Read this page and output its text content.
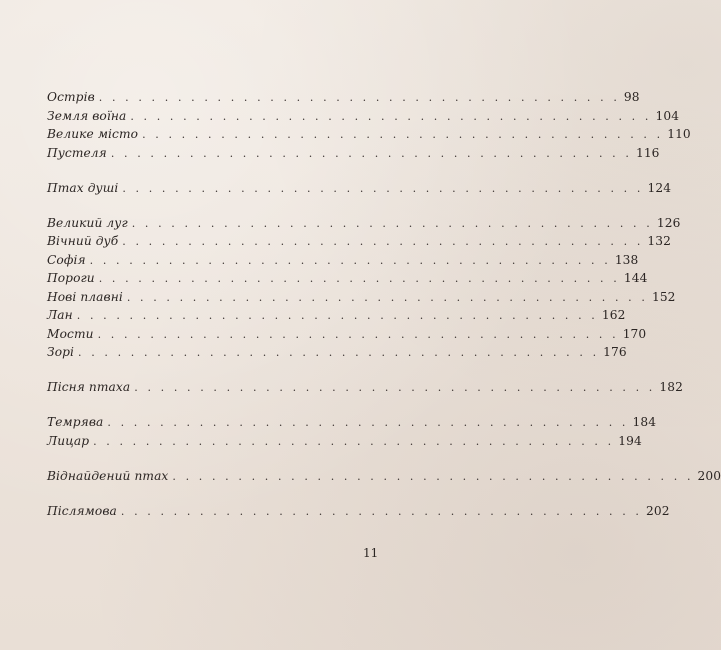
Острів . . . . . . . . . . . . . . . . . . . . . . . . . . . . . . . . . . . . . . . . 98
Земля воїна . . . . . . . . . . . . . . . . . . . . . . . . . . . . . . . . . . . . . . . . 104
Велике місто . . . . . . . . . . . . . . . . . . . . . . . . . . . . . . . . . . . . . . . . 110
Пустеля . . . . . . . . . . . . . . . . . . . . . . . . . . . . . . . . . . . . . . . . 116
Птах душі . . . . . . . . . . . . . . . . . . . . . . . . . . . . . . . . . . . . . . . . 124
Великий луг . . . . . . . . . . . . . . . . . . . . . . . . . . . . . . . . . . . . . . . . 126
Вічний дуб . . . . . . . . . . . . . . . . . . . . . . . . . . . . . . . . . . . . . . . . 132
Софія . . . . . . . . . . . . . . . . . . . . . . . . . . . . . . . . . . . . . . . . 138
Пороги . . . . . . . . . . . . . . . . . . . . . . . . . . . . . . . . . . . . . . . . 144
Нові плавні . . . . . . . . . . . . . . . . . . . . . . . . . . . . . . . . . . . . . . . . 152
Лан . . . . . . . . . . . . . . . . . . . . . . . . . . . . . . . . . . . . . . . . 162
Мости . . . . . . . . . . . . . . . . . . . . . . . . . . . . . . . . . . . . . . . . 170
Зорі . . . . . . . . . . . . . . . . . . . . . . . . . . . . . . . . . . . . . . . . 176
Пісня птаха . . . . . . . . . . . . . . . . . . . . . . . . . . . . . . . . . . . . . . . . 182
Темрява . . . . . . . . . . . . . . . . . . . . . . . . . . . . . . . . . . . . . . . . 184
Лицар . . . . . . . . . . . . . . . . . . . . . . . . . . . . . . . . . . . . . . . . 194
Віднайдений птах . . . . . . . . . . . . . . . . . . . . . . . . . . . . . . . . . . . . . . . . 200
Післямова . . . . . . . . . . . . . . . . . . . . . . . . . . . . . . . . . . . . . . . . 202
11
